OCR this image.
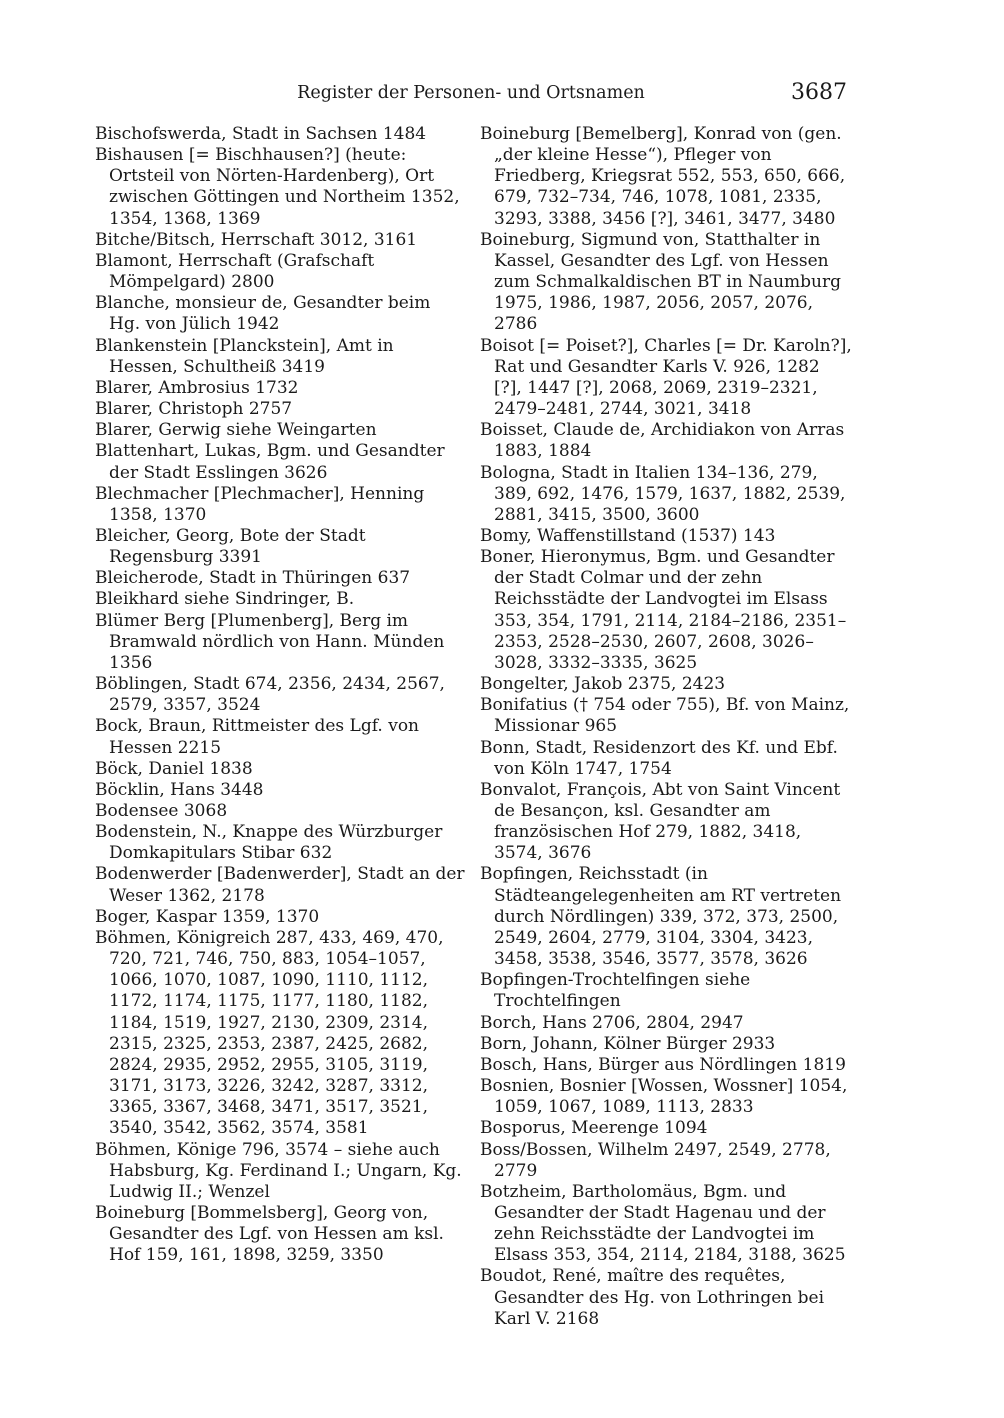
Register der Personen- und Ortsnamen	3687

Bischofswerda, Stadt in Sachsen 1484

Bishausen [= Bischhausen?] (heute: Ortsteil von Nörten-Hardenberg), Ort zwischen Göttingen und Northeim 1352, 1354, 1368, 1369

Bitche/Bitsch, Herrschaft 3012, 3161

Blamont, Herrschaft (Grafschaft Mömpelgard) 2800

Blanche, monsieur de, Gesandter beim Hg. von Jülich 1942

Blankenstein [Planckstein], Amt in Hessen, Schultheiß 3419

Blarer, Ambrosius 1732

Blarer, Christoph 2757

Blarer, Gerwig siehe Weingarten

Blattenhart, Lukas, Bgm. und Gesandter der Stadt Esslingen 3626

Blechmacher [Plechmacher], Henning 1358, 1370

Bleicher, Georg, Bote der Stadt Regensburg 3391

Bleicherode, Stadt in Thüringen 637

Bleikhard siehe Sindringer, B.

Blümer Berg [Plumenberg], Berg im Bramwald nördlich von Hann. Münden 1356

Böblingen, Stadt 674, 2356, 2434, 2567, 2579, 3357, 3524

Bock, Braun, Rittmeister des Lgf. von Hessen 2215

Böck, Daniel 1838

Böcklin, Hans 3448

Bodensee 3068

Bodenstein, N., Knappe des Würzburger Domkapitulars Stibar 632

Bodenwerder [Badenwerder], Stadt an der Weser 1362, 2178

Boger, Kaspar 1359, 1370

Böhmen, Königreich 287, 433, 469, 470, 720, 721, 746, 750, 883, 1054–1057, 1066, 1070, 1087, 1090, 1110, 1112, 1172, 1174, 1175, 1177, 1180, 1182, 1184, 1519, 1927, 2130, 2309, 2314, 2315, 2325, 2353, 2387, 2425, 2682, 2824, 2935, 2952, 2955, 3105, 3119, 3171, 3173, 3226, 3242, 3287, 3312, 3365, 3367, 3468, 3471, 3517, 3521, 3540, 3542, 3562, 3574, 3581

Böhmen, Könige 796, 3574 – siehe auch Habsburg, Kg. Ferdinand I.; Ungarn, Kg. Ludwig II.; Wenzel

Boineburg [Bommelsberg], Georg von, Gesandter des Lgf. von Hessen am ksl. Hof 159, 161, 1898, 3259, 3350

Boineburg [Bemelberg], Konrad von (gen. „der kleine Hesse“), Pfleger von Friedberg, Kriegsrat 552, 553, 650, 666, 679, 732–734, 746, 1078, 1081, 2335, 3293, 3388, 3456 [?], 3461, 3477, 3480

Boineburg, Sigmund von, Statthalter in Kassel, Gesandter des Lgf. von Hessen zum Schmalkaldischen BT in Naumburg 1975, 1986, 1987, 2056, 2057, 2076, 2786

Boisot [= Poiset?], Charles [= Dr. Karoln?], Rat und Gesandter Karls V. 926, 1282 [?], 1447 [?], 2068, 2069, 2319–2321, 2479–2481, 2744, 3021, 3418

Boisset, Claude de, Archidiakon von Arras 1883, 1884

Bologna, Stadt in Italien 134–136, 279, 389, 692, 1476, 1579, 1637, 1882, 2539, 2881, 3415, 3500, 3600

Bomy, Waffenstillstand (1537) 143

Boner, Hieronymus, Bgm. und Gesandter der Stadt Colmar und der zehn Reichsstädte der Landvogtei im Elsass 353, 354, 1791, 2114, 2184–2186, 2351–2353, 2528–2530, 2607, 2608, 3026–3028, 3332–3335, 3625

Bongelter, Jakob 2375, 2423

Bonifatius († 754 oder 755), Bf. von Mainz, Missionar 965

Bonn, Stadt, Residenzort des Kf. und Ebf. von Köln 1747, 1754

Bonvalot, François, Abt von Saint Vincent de Besançon, ksl. Gesandter am französischen Hof 279, 1882, 3418, 3574, 3676

Bopfingen, Reichsstadt (in Städteangelegenheiten am RT vertreten durch Nördlingen) 339, 372, 373, 2500, 2549, 2604, 2779, 3104, 3304, 3423, 3458, 3538, 3546, 3577, 3578, 3626

Bopfingen-Trochtelfingen siehe Trochtelfingen

Borch, Hans 2706, 2804, 2947

Born, Johann, Kölner Bürger 2933

Bosch, Hans, Bürger aus Nördlingen 1819

Bosnien, Bosnier [Wossen, Wossner] 1054, 1059, 1067, 1089, 1113, 2833

Bosporus, Meerenge 1094

Boss/Bossen, Wilhelm 2497, 2549, 2778, 2779

Botzheim, Bartholomäus, Bgm. und Gesandter der Stadt Hagenau und der zehn Reichsstädte der Landvogtei im Elsass 353, 354, 2114, 2184, 3188, 3625

Boudot, René, maître des requêtes, Gesandter des Hg. von Lothringen bei Karl V. 2168
